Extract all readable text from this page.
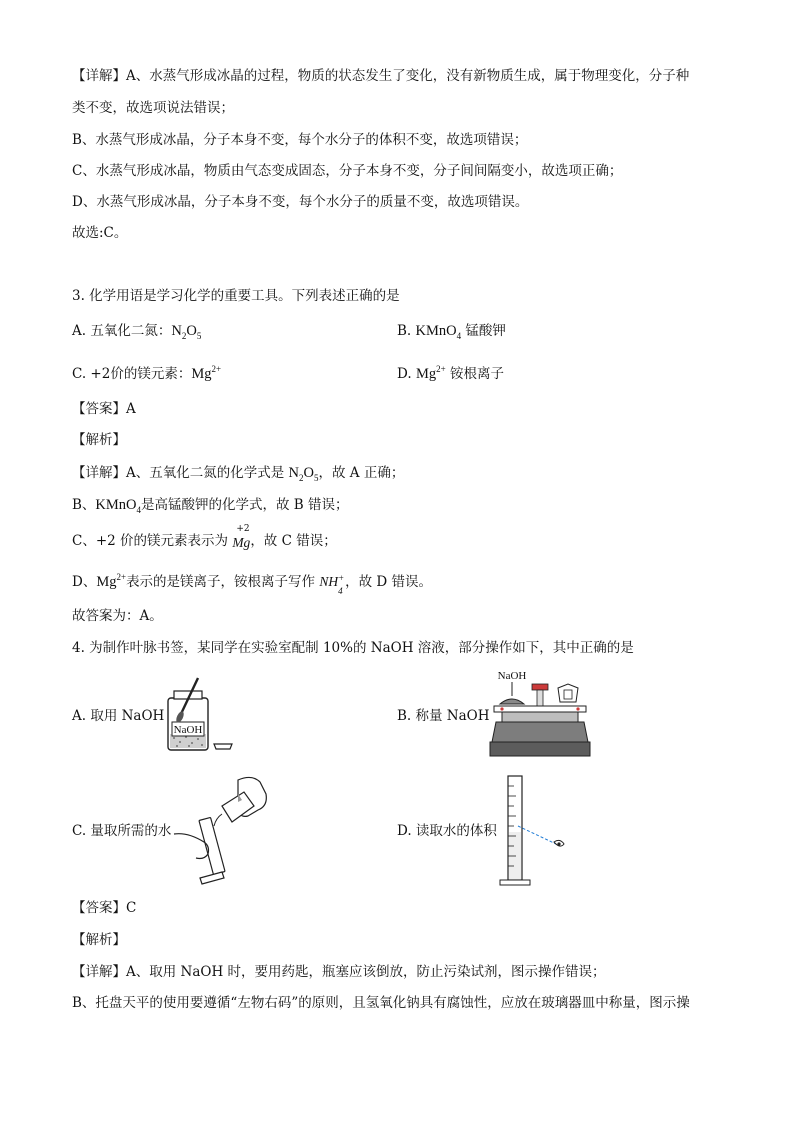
【详解】A、水蒸气形成冰晶的过程，物质的状态发生了变化，没有新物质生成，属于物理变化，分子种
类不变，故选项说法错误；
B、水蒸气形成冰晶，分子本身不变，每个水分子的体积不变，故选项错误；
C、水蒸气形成冰晶，物质由气态变成固态，分子本身不变，分子间间隔变小，故选项正确；
D、水蒸气形成冰晶，分子本身不变，每个水分子的质量不变，故选项错误。
故选:C。
3. 化学用语是学习化学的重要工具。下列表述正确的是
A. 五氧化二氮：$N_2O_5$	B. KMnO$_4$ 锰酸钾
C. +2价的镁元素：$Mg^{2+}$	D. $Mg^{2+}$ 铵根离子
【答案】A
【解析】
【详解】A、五氧化二氮的化学式是 $N_2O_5$，故 A 正确；
B、KMnO$_4$是高锰酸钾的化学式，故 B 错误；
C、+2 价的镁元素表示为
+2
Mg，故 C 错误；
D、$Mg^{2+}$表示的是镁离子，铵根离子写作 NH +
4
，故 D 错误。
故答案为：A。
4. 为制作叶脉书签，某同学在实验室配制 10%的 NaOH 溶液，部分操作如下，其中正确的是
A. 取用 NaOH	B. 称量 NaOH
C. 量取所需的水	D. 读取水的体积
NaOH
NaOH
【答案】C
【解析】
【详解】A、取用 NaOH 时，要用药匙，瓶塞应该倒放，防止污染试剂，图示操作错误；
B、托盘天平的使用要遵循“左物右码”的原则，且氢氧化钠具有腐蚀性，应放在玻璃器皿中称量，图示操
